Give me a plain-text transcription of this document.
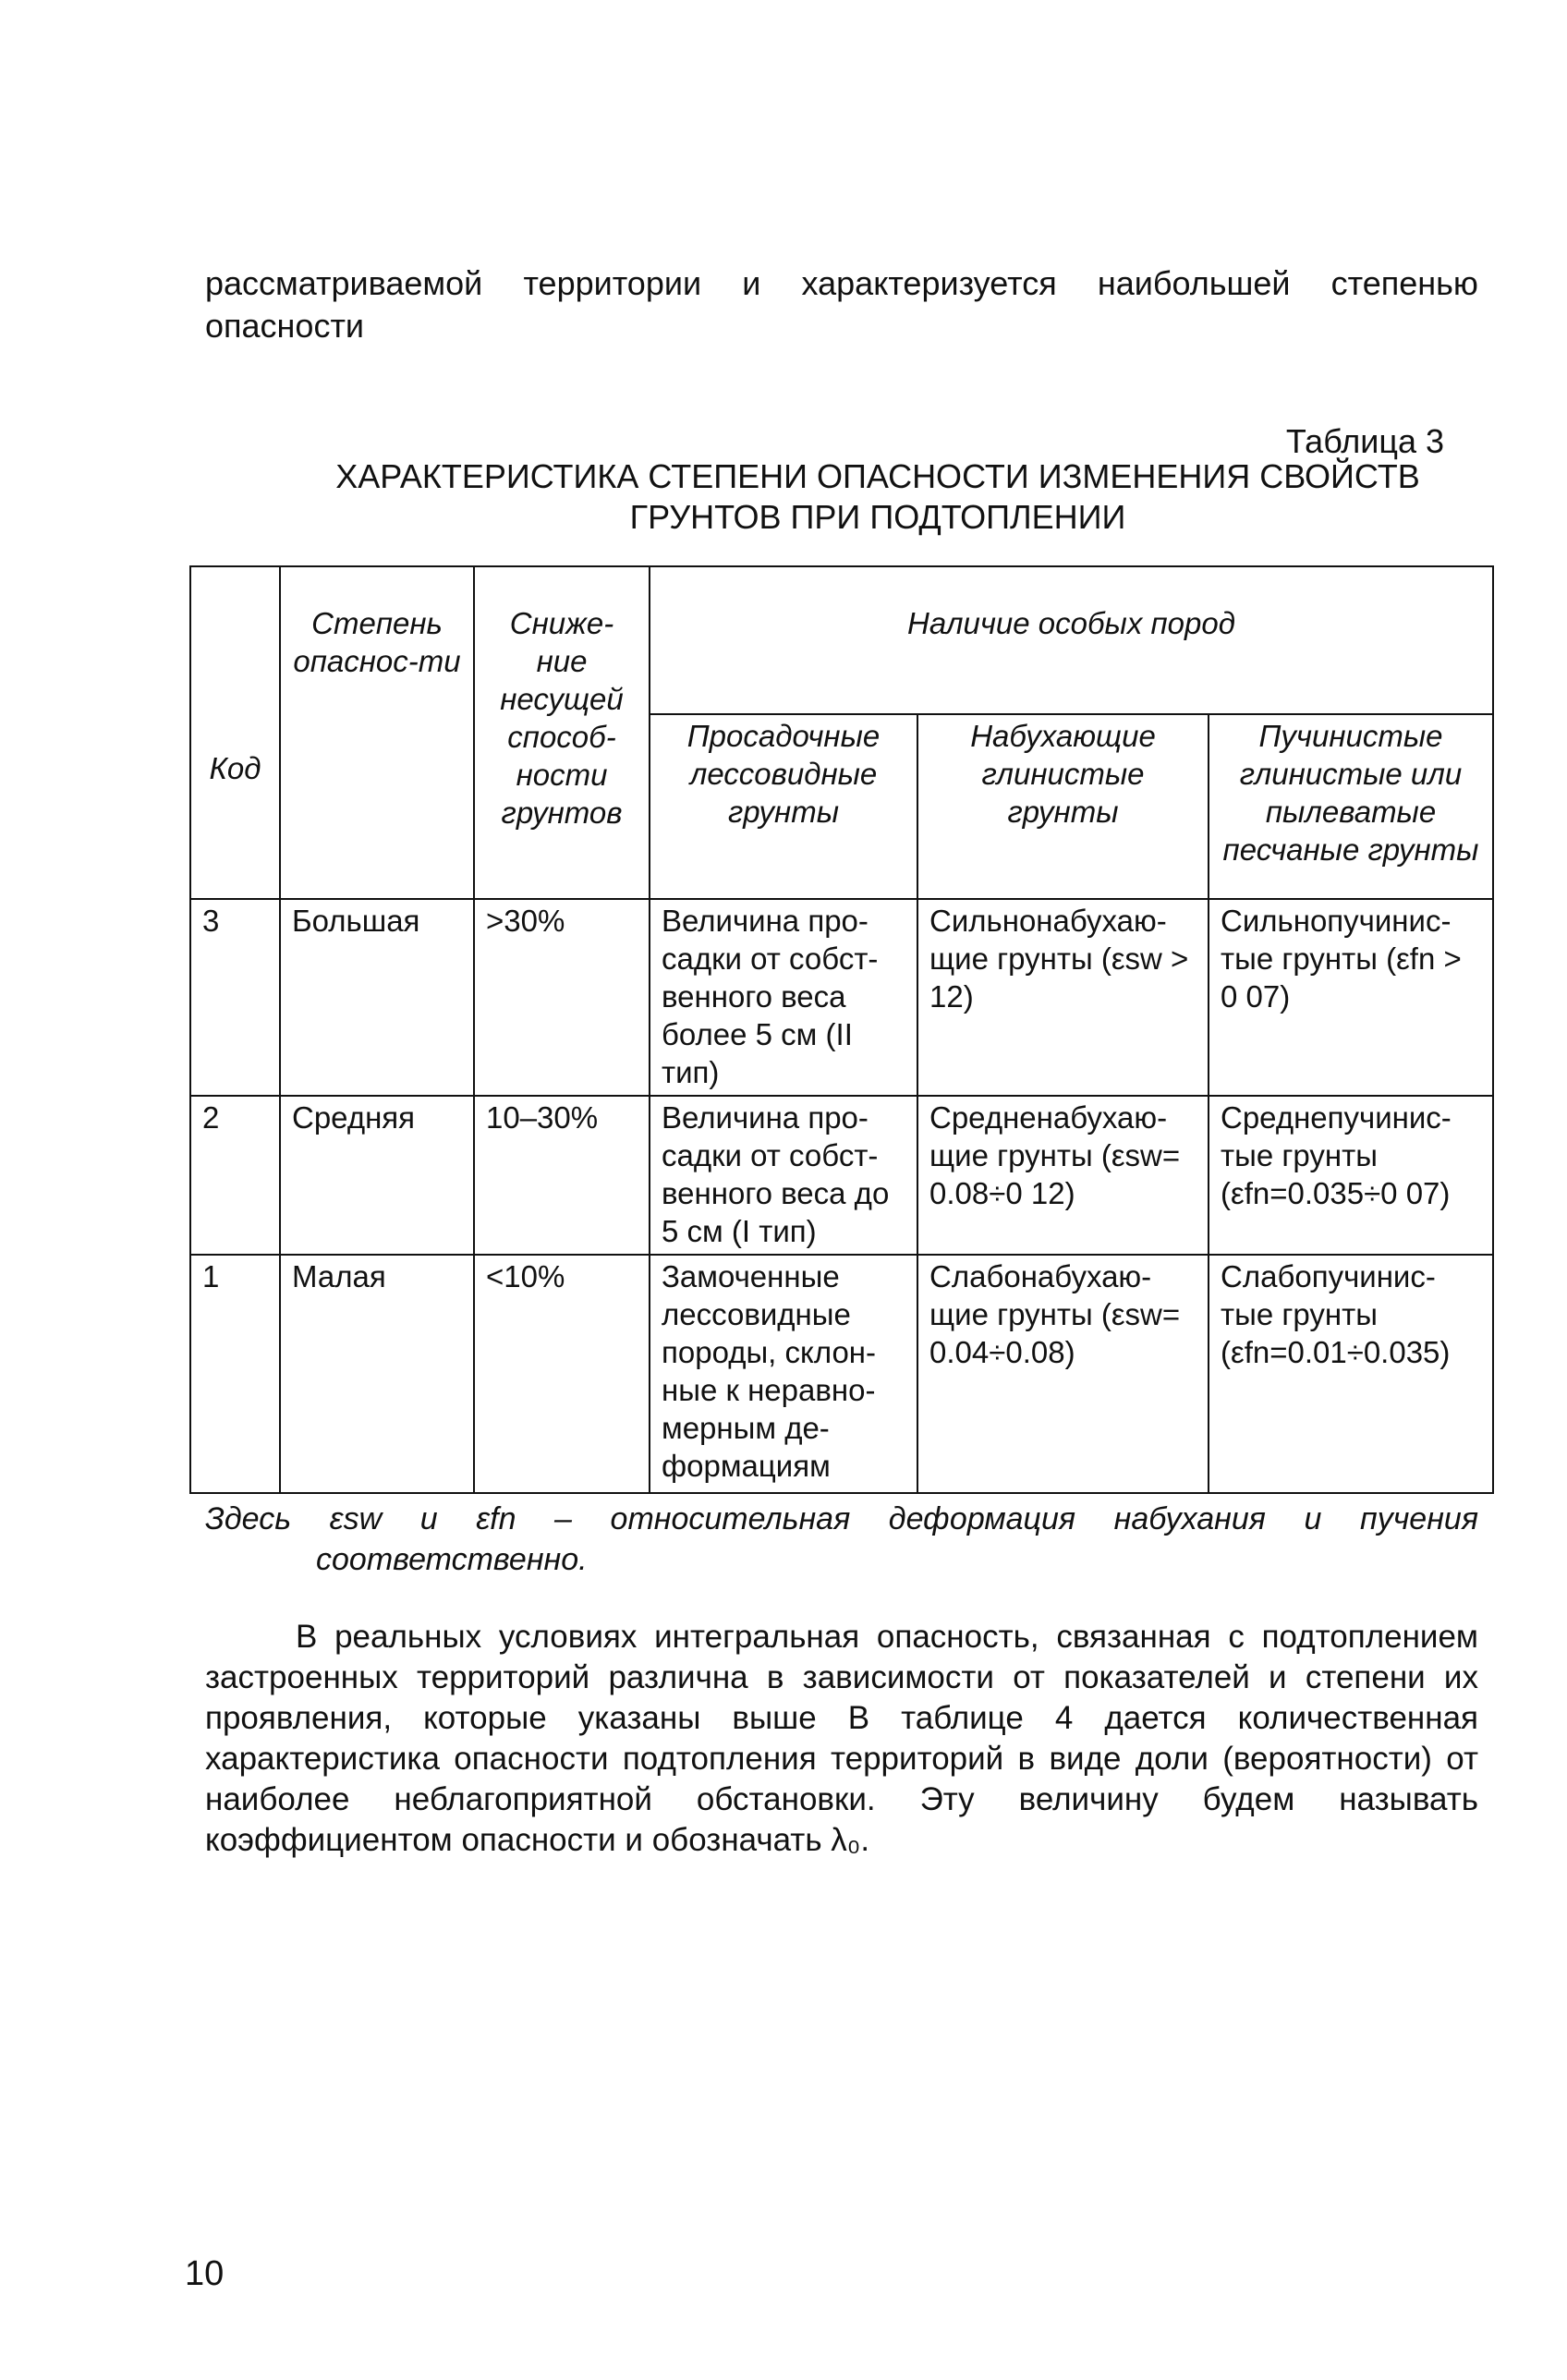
рассматриваемой территории и характеризуется наибольшей степенью
опасности
Таблица 3
ХАРАКТЕРИСТИКА СТЕПЕНИ ОПАСНОСТИ ИЗМЕНЕНИЯ СВОЙСТВ
ГРУНТОВ ПРИ ПОДТОПЛЕНИИ
Код	Степень опаснос-ти	Сниже-ние несущей способ-ности грунтов	Наличие особых пород		
			Просадочные лессовидные грунты	Набухающие глинистые грунты	Пучинистые глинистые или пылеватые песчаные грунты
3	Большая	>30%	Величина про-садки от собст-венного веса более 5 см (II тип)	Сильнонабухаю-щие грунты (εsw > 12)	Сильнопучинис-тые грунты (εfn > 0 07)
2	Средняя	10–30%	Величина про-садки от собст-венного веса до 5 см (I тип)	Средненабухаю-щие грунты (εsw= 0.08÷0 12)	Среднепучинис-тые грунты (εfn=0.035÷0 07)
1	Малая	<10%	Замоченные лессовидные породы, склон-ные к неравно-мерным де-формациям	Слабонабухаю-щие грунты (εsw= 0.04÷0.08)	Слабопучинис-тые грунты (εfn=0.01÷0.035)
Здесь εsw и εfn – относительная деформация набухания и пучения
соответственно.

В реальных условиях интегральная опасность, связанная с подтоплением застроенных территорий различна в зависимости от показателей и степени их проявления, которые указаны выше В таблице 4 дается количественная характеристика опасности подтопления территорий в виде доли (вероятности) от наиболее неблагоприятной обстановки. Эту величину будем называть коэффициентом опасности и обозначать λ₀.

10
